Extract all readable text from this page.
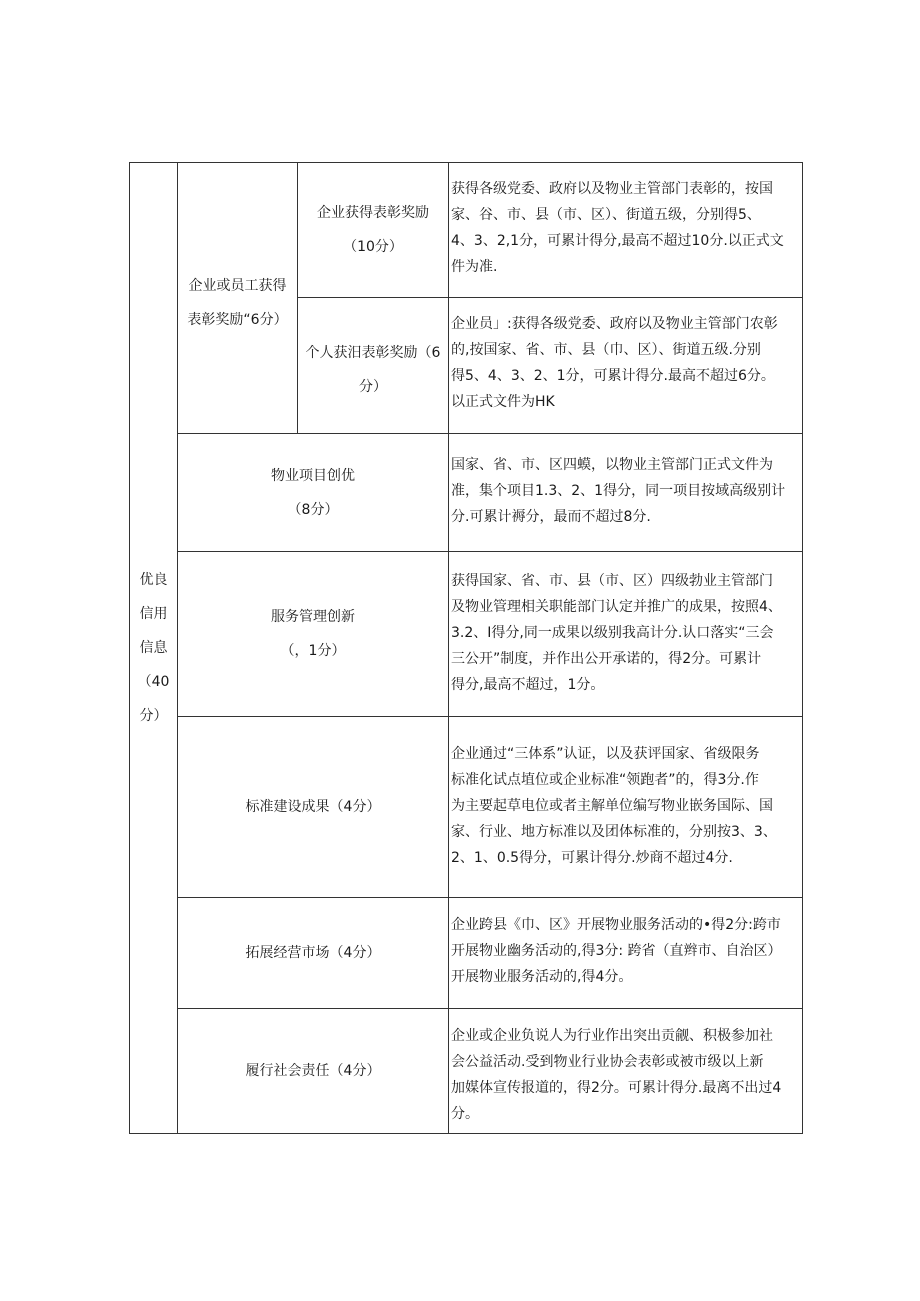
优良
信用
信息
（40
分）
企业或员工获得
表彰奖励“6分）
企业获得表彰奖励
（10分）
获得各级党委、政府以及物业主管部门表彰的，按国
家、谷、市、县（市、区）、街道五级，分别得5、
4、3、2,1分，可累计得分,最高不超过10分.以正式文
件为准.
个人获汨表彰奖励（6
分）
企业员」:获得各级党委、政府以及物业主管部门农彰
的,按国家、省、市、县（巾、区）、街道五级.分别
得5、4、3、2、1分，可累计得分.最高不超过6分。
以正式文件为HK
物业项目创优
（8分）
国家、省、市、区四蟆，以物业主管部门正式文件为
准，集个项目1.3、2、1得分，同一项目按域高级别计
分.可累计褥分，最而不超过8分.
服务管理创新
（，1分）
获得国家、省、市、县（市、区）四级勃业主管部门
及物业管理相关职能部门认定并推广的成果，按照4、
3.2、I得分,同一成果以级别我高计分.认口落实“三会
三公开”制度，并作出公开承诺的，得2分。可累计
得分,最高不超过，1分。
标准建设成果（4分）
企业通过“三体系”认证，以及获评国家、省级限务
标准化试点埴位或企业标准“领跑者”的，得3分.作
为主要起草电位或者主解单位编写物业嵌务国际、国
家、行业、地方标准以及团体标准的，分别按3、3、
2、1、0.5得分，可累计得分.炒商不超过4分.
拓展经营市场（4分）
企业跨县《巾、区》开展物业服务活动的•得2分:跨市
开展物业幽务活动的,得3分: 跨省（直辫市、自治区）
开展物业服务活动的,得4分。
履行社会责任（4分）
企业或企业负说人为行业作出突出贡觎、积极参加社
会公益活动.受到物业行业协会表彰或被市级以上新
加媒体宣传报道的，得2分。可累计得分.最离不出过4
分。
